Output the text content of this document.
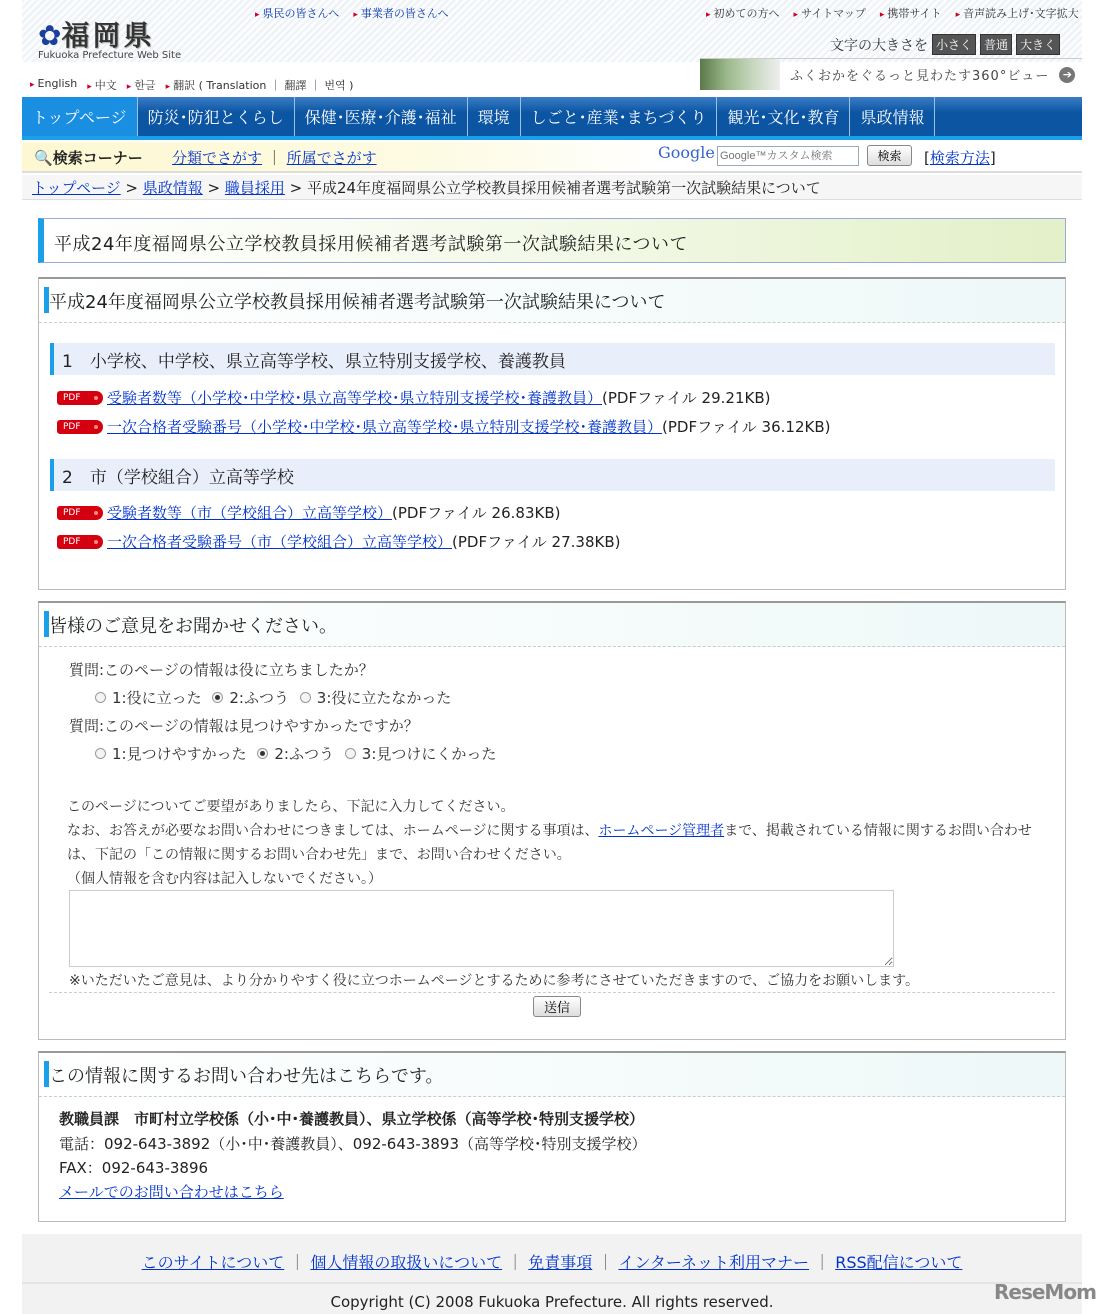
▸ 県民の皆さんへ	▸ 事業者の皆さんへ	▸ 初めての方へ	▸ サイトマップ	▸ 携帯サイト	▸ 音声読み上げ･文字拡大
✿福岡県
Fukuoka Prefecture Web Site
▸ English	▸ 中文	▸ 한글	▸ 翻訳 ( Translation ｜ 翻譯 ｜ 번역 )
文字の大きさを 小さく	普通	大きく
ふくおかをぐるっと見わたす360°ビュー	➔
トップページ	防災･防犯とくらし	保健･医療･介護･福祉	環境	しごと･産業･まちづくり	観光･文化･教育	県政情報
🔍検索コーナー 分類でさがす ｜ 所属でさがす	Google
Google™カスタム検索	検索	[検索方法]
トップページ > 県政情報 > 職員採用 > 平成24年度福岡県公立学校教員採用候補者選考試験第一次試験結果について
平成24年度福岡県公立学校教員採用候補者選考試験第一次試験結果について
平成24年度福岡県公立学校教員採用候補者選考試験第一次試験結果について
1　小学校、中学校、県立高等学校、県立特別支援学校、養護教員
PDF	受験者数等（小学校･中学校･県立高等学校･県立特別支援学校･養護教員） (PDFファイル 29.21KB)
PDF	一次合格者受験番号（小学校･中学校･県立高等学校･県立特別支援学校･養護教員） (PDFファイル 36.12KB)
2　市（学校組合）立高等学校
PDF	受験者数等（市（学校組合）立高等学校） (PDFファイル 26.83KB)
PDF	一次合格者受験番号（市（学校組合）立高等学校） (PDFファイル 27.38KB)
皆様のご意見をお聞かせください。
質問:このページの情報は役に立ちましたか？
1:役に立った
2:ふつう
3:役に立たなかった
質問:このページの情報は見つけやすかったですか？
1:見つけやすかった
2:ふつう
3:見つけにくかった
このページについてご要望がありましたら、下記に入力してください。
なお、お答えが必要なお問い合わせにつきましては、ホームページに関する事項は、ホームページ管理者まで、掲載されている情報に関するお問い合わせは、下記の「この情報に関するお問い合わせ先」まで、お問い合わせください。
（個人情報を含む内容は記入しないでください。）
※いただいたご意見は、より分かりやすく役に立つホームページとするために参考にさせていただきますので、ご協力をお願いします。
送信
この情報に関するお問い合わせ先はこちらです。
教職員課　市町村立学校係（小･中･養護教員）、県立学校係（高等学校･特別支援学校）
電話：092-643-3892（小･中･養護教員）、092-643-3893（高等学校･特別支援学校）
FAX：092-643-3896
メールでのお問い合わせはこちら
このサイトについて ｜ 個人情報の取扱いについて ｜ 免責事項 ｜ インターネット利用マナー ｜ RSS配信について
Copyright (C) 2008 Fukuoka Prefecture. All rights reserved.	ReseMom
